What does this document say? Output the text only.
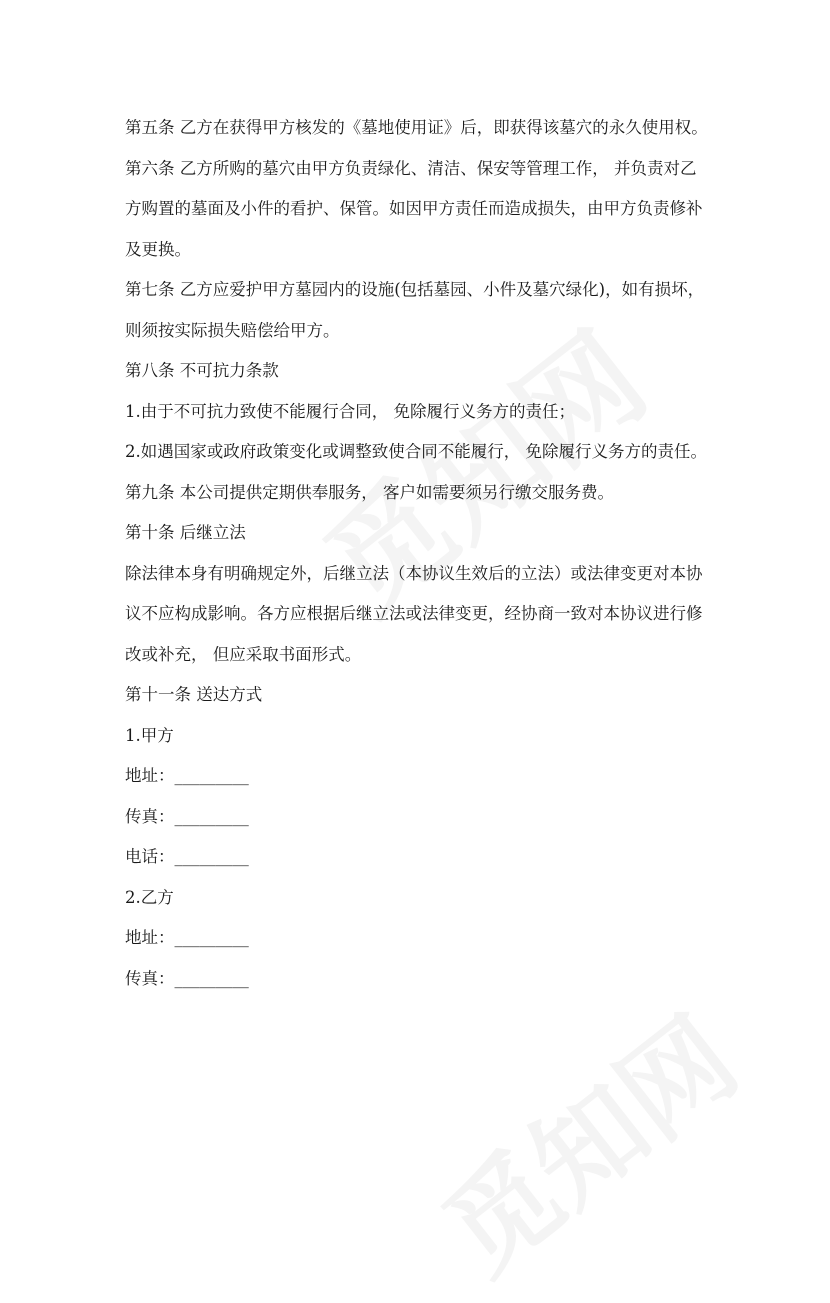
第五条 乙方在获得甲方核发的《墓地使用证》后，即获得该墓穴的永久使用权。
第六条 乙方所购的墓穴由甲方负责绿化、清洁、保安等管理工作， 并负责对乙
方购置的墓面及小件的看护、保管。如因甲方责任而造成损失，由甲方负责修补
及更换。
第七条 乙方应爱护甲方墓园内的设施(包括墓园、小件及墓穴绿化)，如有损坏，
则须按实际损失赔偿给甲方。
第八条 不可抗力条款
1.由于不可抗力致使不能履行合同， 免除履行义务方的责任；
2.如遇国家或政府政策变化或调整致使合同不能履行， 免除履行义务方的责任。
第九条 本公司提供定期供奉服务， 客户如需要须另行缴交服务费。
第十条 后继立法
除法律本身有明确规定外，后继立法（本协议生效后的立法）或法律变更对本协
议不应构成影响。各方应根据后继立法或法律变更，经协商一致对本协议进行修
改或补充， 但应采取书面形式。
第十一条 送达方式
1.甲方
地址：_________
传真：_________
电话：_________
2.乙方
地址：_________
传真：_________
